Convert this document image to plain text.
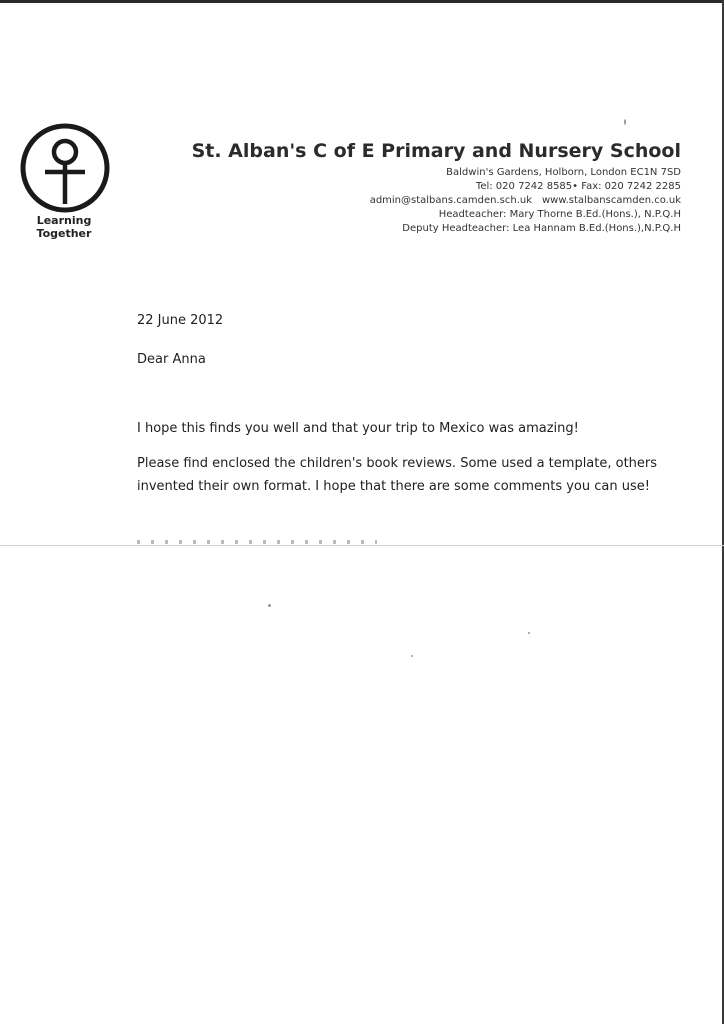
Learning Together
St. Alban's C of E Primary and Nursery School
Baldwin's Gardens, Holborn, London EC1N 7SD
Tel: 020 7242 8585• Fax: 020 7242 2285
admin@stalbans.camden.sch.uk www.stalbanscamden.co.uk
Headteacher: Mary Thorne B.Ed.(Hons.), N.P.Q.H
Deputy Headteacher: Lea Hannam B.Ed.(Hons.),N.P.Q.H
22 June 2012
Dear Anna
I hope this finds you well and that your trip to Mexico was amazing!
Please find enclosed the children's book reviews. Some used a template, others invented their own format. I hope that there are some comments you can use!
